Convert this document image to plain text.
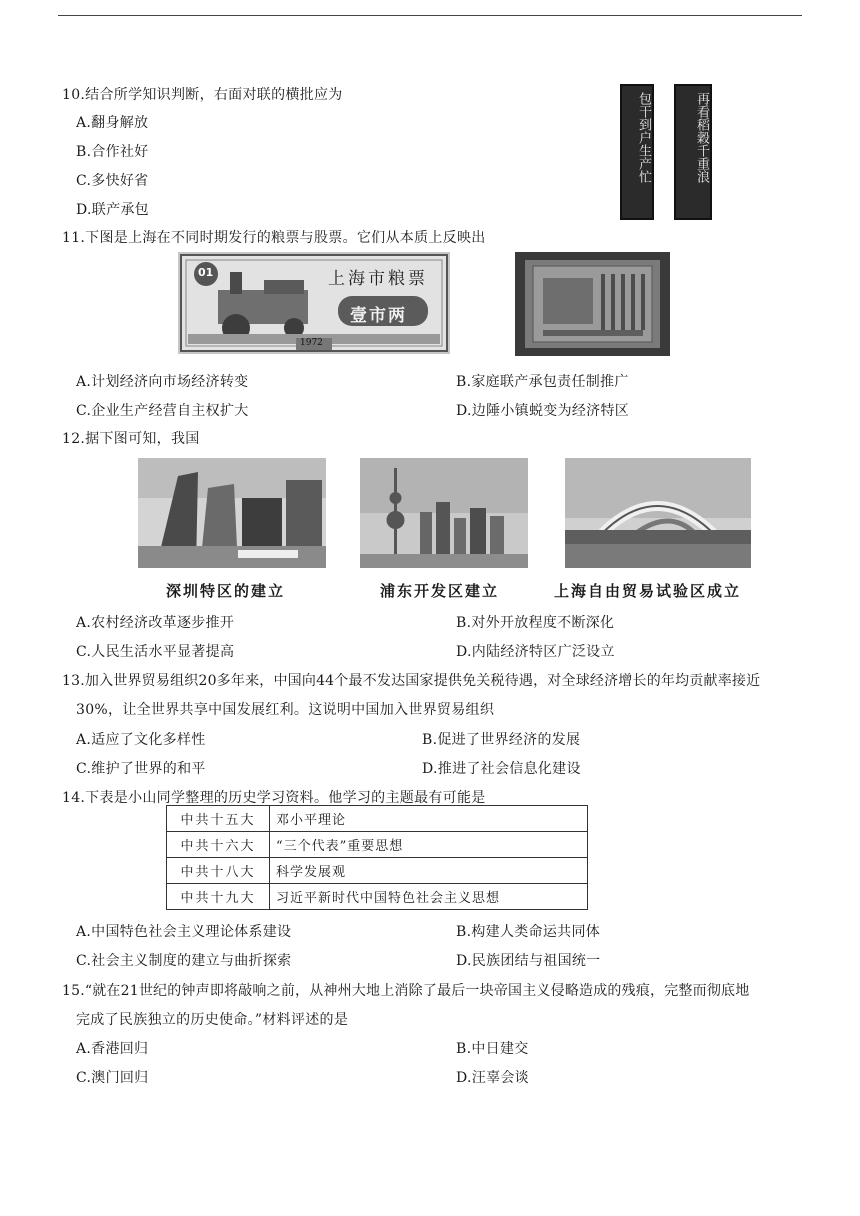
10.结合所学知识判断，右面对联的横批应为
A.翻身解放
B.合作社好
C.多快好省
D.联产承包
包干到户生产忙	再看稻穀千重浪
11.下图是上海在不同时期发行的粮票与股票。它们从本质上反映出
01	上海市粮票
壹市两
1972
A.计划经济向市场经济转变	B.家庭联产承包责任制推广
C.企业生产经营自主权扩大	D.边陲小镇蜕变为经济特区
12.据下图可知，我国
深圳特区的建立	浦东开发区建立	上海自由贸易试验区成立
A.农村经济改革逐步推开	B.对外开放程度不断深化
C.人民生活水平显著提高	D.内陆经济特区广泛设立
13.加入世界贸易组织20多年来，中国向44个最不发达国家提供免关税待遇，对全球经济增长的年均贡献率接近
30%，让全世界共享中国发展红利。这说明中国加入世界贸易组织
A.适应了文化多样性	B.促进了世界经济的发展
C.维护了世界的和平	D.推进了社会信息化建设
14.下表是小山同学整理的历史学习资料。他学习的主题最有可能是
中共十五大	邓小平理论
中共十六大	“三个代表”重要思想
中共十八大	科学发展观
中共十九大	习近平新时代中国特色社会主义思想
A.中国特色社会主义理论体系建设	B.构建人类命运共同体
C.社会主义制度的建立与曲折探索	D.民族团结与祖国统一
15.“就在21世纪的钟声即将敲响之前，从神州大地上消除了最后一块帝国主义侵略造成的残痕，完整而彻底地
完成了民族独立的历史使命。”材料评述的是
A.香港回归	B.中日建交
C.澳门回归	D.汪辜会谈
